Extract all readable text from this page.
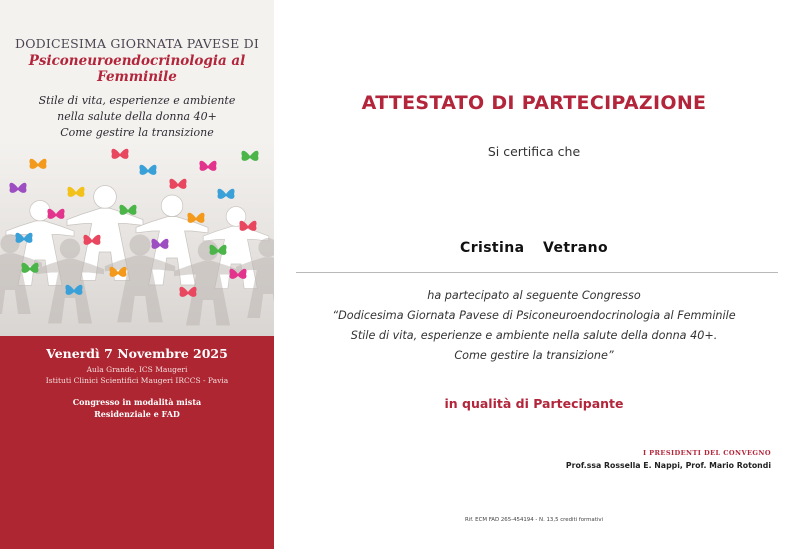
DODICESIMA GIORNATA PAVESE DI
Psiconeuroendocrinologia al Femminile
Stile di vita, esperienze e ambiente
nella salute della donna 40+
Come gestire la transizione
Venerdì 7 Novembre 2025
Aula Grande, ICS Maugeri
Istituti Clinici Scientifici Maugeri IRCCS - Pavia
Congresso in modalità mista
Residenziale e FAD
ATTESTATO DI PARTECIPAZIONE
Si certifica che
Cristina  Vetrano
ha partecipato al seguente Congresso
“Dodicesima Giornata Pavese di Psiconeuroendocrinologia al Femminile
Stile di vita, esperienze e ambiente nella salute della donna 40+.
Come gestire la transizione”
in qualità di Partecipante
I PRESIDENTI DEL CONVEGNO
Prof.ssa Rossella E. Nappi, Prof. Mario Rotondi
Rif. ECM FAD 265-454194 - N. 13,5 crediti formativi
